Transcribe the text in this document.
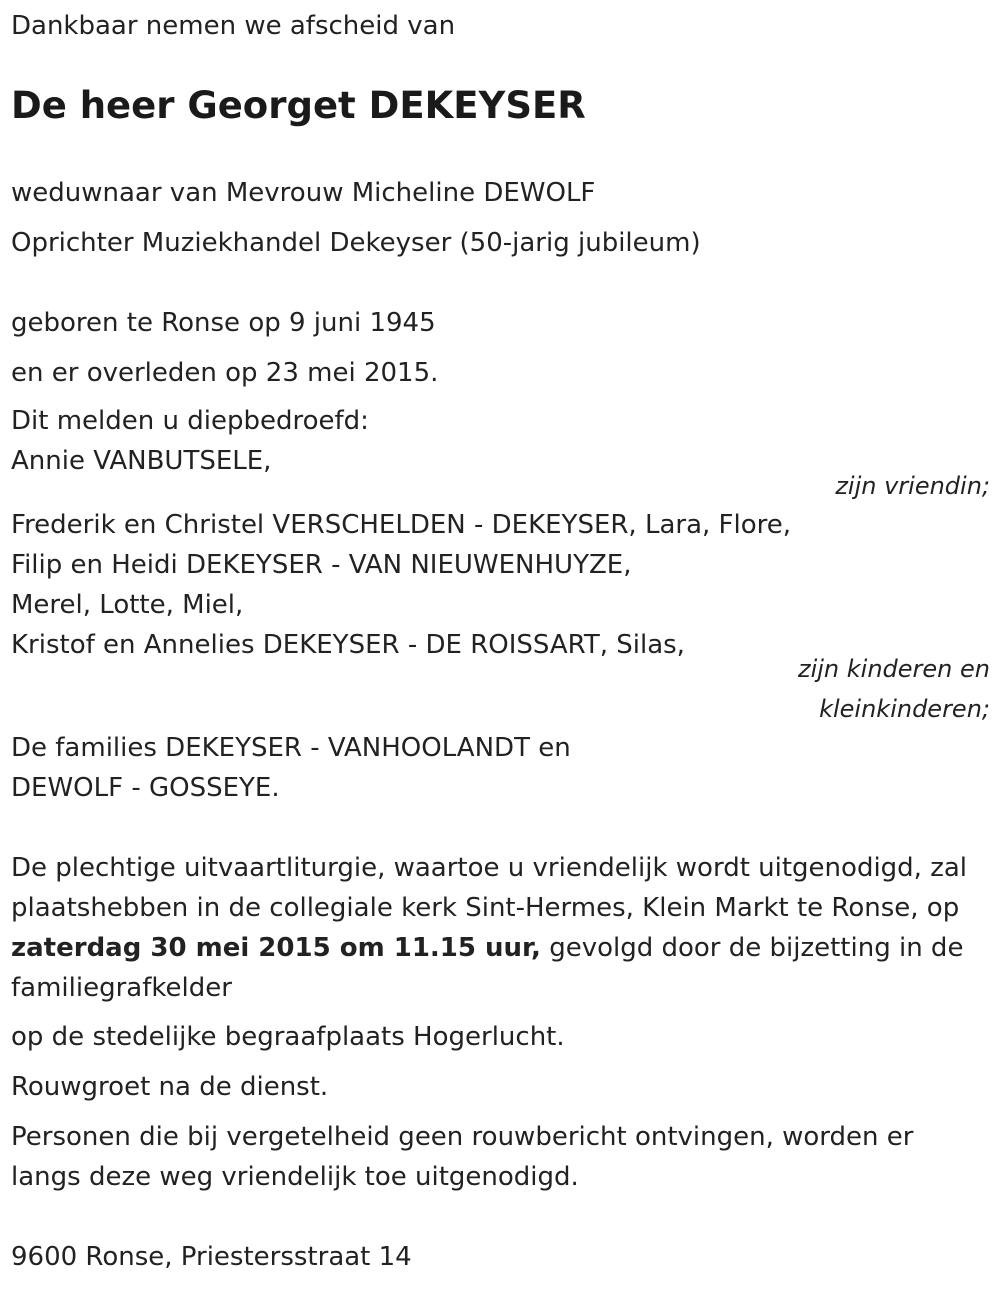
Dankbaar nemen we afscheid van

De heer Georget DEKEYSER

weduwnaar van Mevrouw Micheline DEWOLF

Oprichter Muziekhandel Dekeyser (50-jarig jubileum)

geboren te Ronse op 9 juni 1945

en er overleden op 23 mei 2015.

Dit melden u diepbedroefd:

Annie VANBUTSELE,

zijn vriendin;

Frederik en Christel VERSCHELDEN - DEKEYSER, Lara, Flore,

Filip en Heidi DEKEYSER - VAN NIEUWENHUYZE,

Merel, Lotte, Miel,

Kristof en Annelies DEKEYSER - DE ROISSART, Silas,

zijn kinderen en

kleinkinderen;

De families DEKEYSER - VANHOOLANDT en

DEWOLF - GOSSEYE.

De plechtige uitvaartliturgie, waartoe u vriendelijk wordt uitgenodigd, zal plaatshebben in de collegiale kerk Sint-Hermes, Klein Markt te Ronse, op zaterdag 30 mei 2015 om 11.15 uur, gevolgd door de bijzetting in de familiegrafkelder

op de stedelijke begraafplaats Hogerlucht.

Rouwgroet na de dienst.

Personen die bij vergetelheid geen rouwbericht ontvingen, worden er langs deze weg vriendelijk toe uitgenodigd.

9600 Ronse, Priestersstraat 14
